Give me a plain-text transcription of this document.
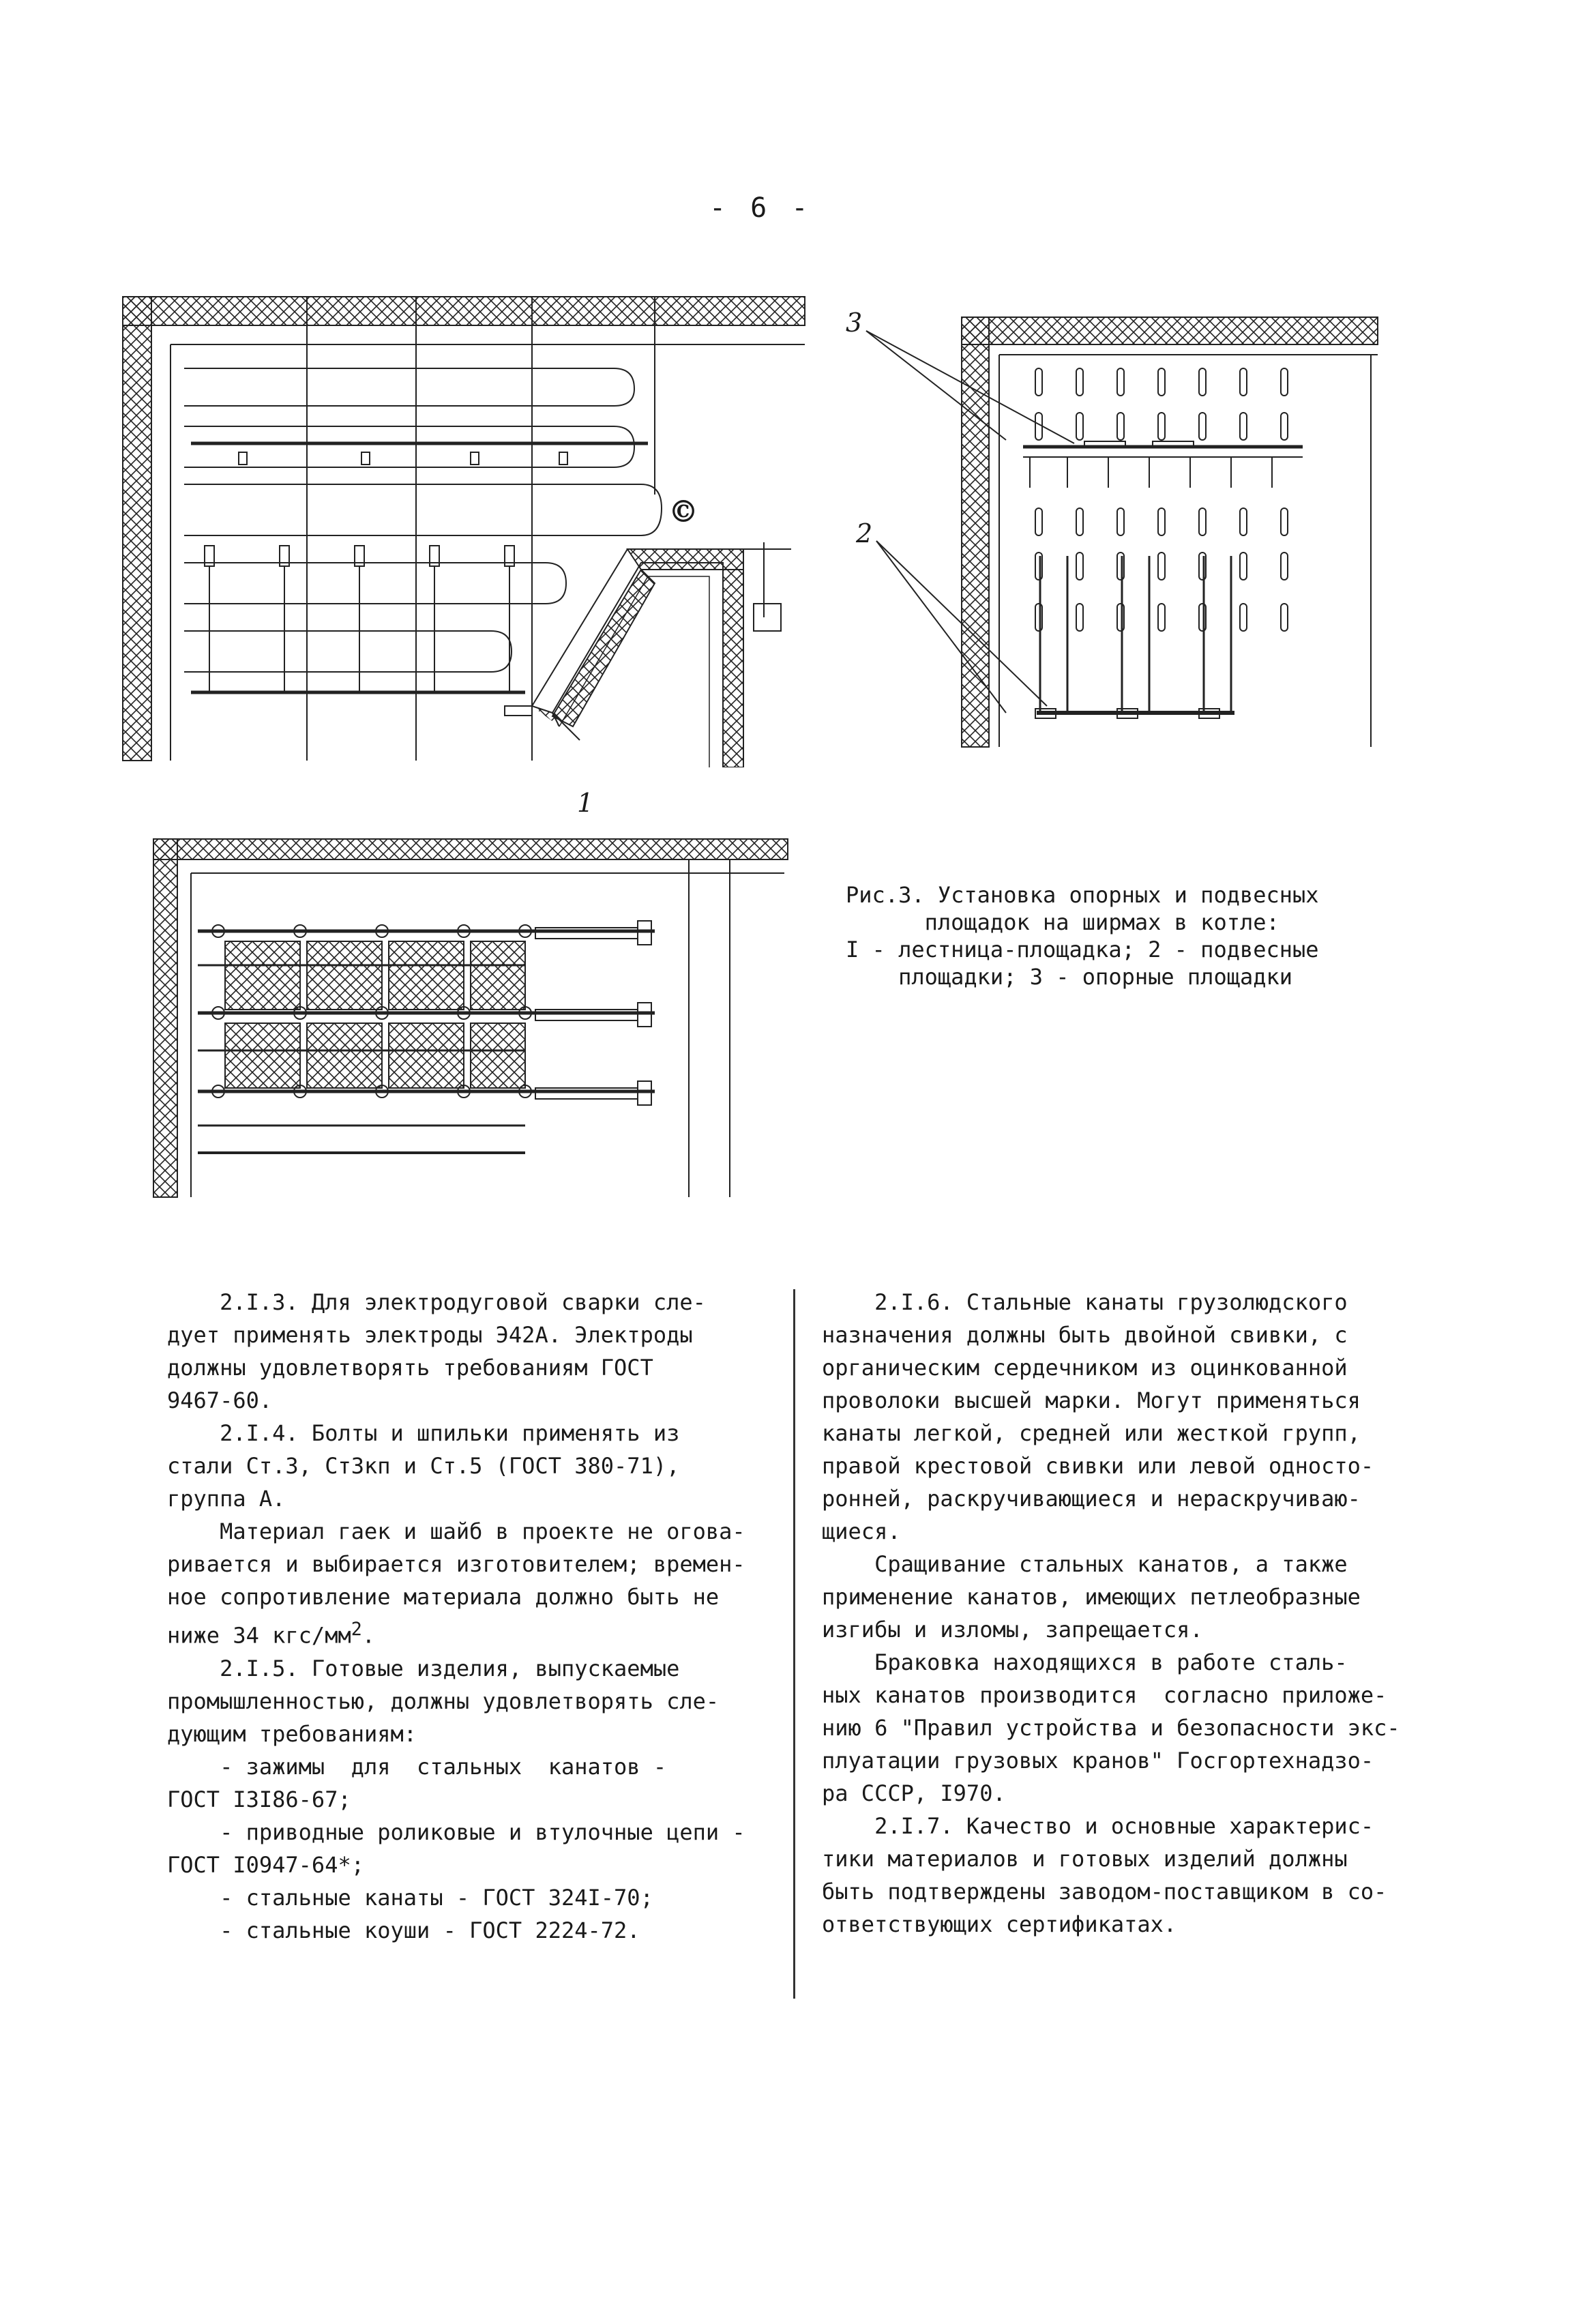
- 6 -
1
©
3
2
Рис.3. Установка опорных и подвесных
площадок на ширмах в котле:
I - лестница-площадка; 2 - подвесные
площадки; 3 - опорные площадки

2.I.3. Для электродуговой сварки сле-
дует применять электроды Э42А. Электроды
должны удовлетворять требованиям ГОСТ
9467-60.

2.I.4. Болты и шпильки применять из
стали Ст.3, Ст3кп и Ст.5 (ГОСТ 380-71),
группа А.

Материал гаек и шайб в проекте не огова-
ривается и выбирается изготовителем; времен-
ное сопротивление материала должно быть не
ниже 34 кгс/$мм^2$.

2.I.5. Готовые изделия, выпускаемые
промышленностью, должны удовлетворять сле-
дующим требованиям:

- зажимы  для  стальных  канатов -
ГОСТ I3I86-67;
- приводные роликовые и втулочные цепи -
ГОСТ I0947-64*;
- стальные канаты - ГОСТ 324I-70;
- стальные коуши - ГОСТ 2224-72.

2.I.6. Стальные канаты грузолюдского
назначения должны быть двойной свивки, с
органическим сердечником из оцинкованной
проволоки высшей марки. Могут применяться
канаты легкой, средней или жесткой групп,
правой крестовой свивки или левой односто-
ронней, раскручивающиеся и нераскручиваю-
щиеся.

Сращивание стальных канатов, а также
применение канатов, имеющих петлеобразные
изгибы и изломы, запрещается.

Браковка находящихся в работе сталь-
ных канатов производится  согласно приложе-
нию 6 "Правил устройства и безопасности экс-
плуатации грузовых кранов" Госгортехнадзо-
ра СССР, I970.

2.I.7. Качество и основные характерис-
тики материалов и готовых изделий должны
быть подтверждены заводом-поставщиком в со-
ответствующих сертификатах.
